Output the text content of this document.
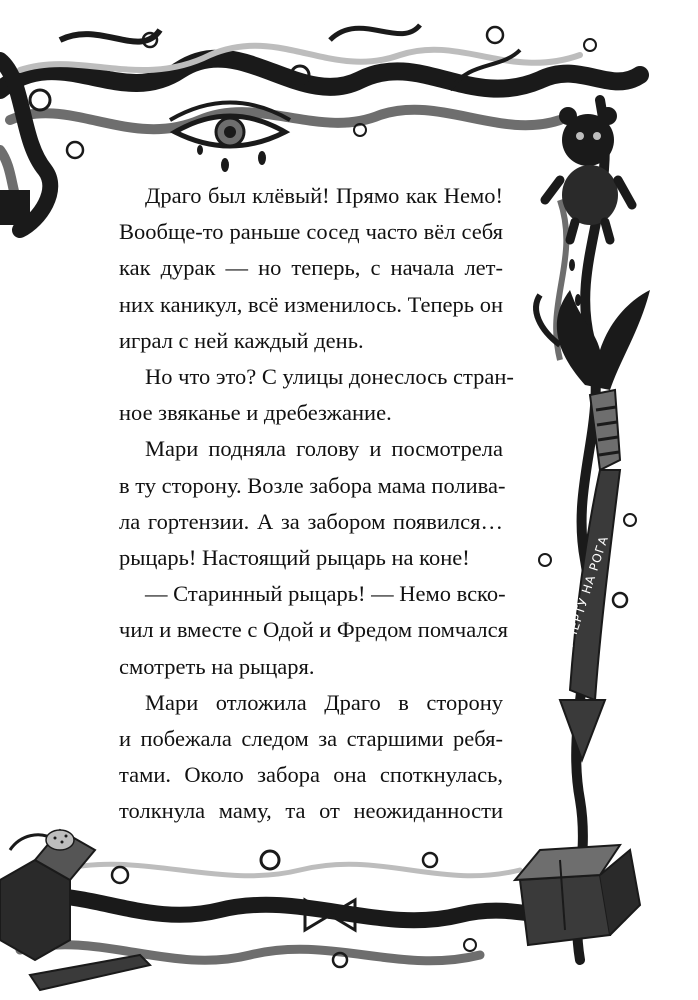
К ЧЁРТУ НА РОГА
Драго был клёвый! Прямо как Немо!
Вообще-то раньше сосед часто вёл себя
как дурак — но теперь, с начала лет-
них каникул, всё изменилось. Теперь он
играл с ней каждый день.
Но что это? С улицы донеслось стран-
ное звяканье и дребезжание.
Мари подняла голову и посмотрела
в ту сторону. Возле забора мама полива-
ла гортензии. А за забором появился…
рыцарь! Настоящий рыцарь на коне!
— Старинный рыцарь! — Немо вско-
чил и вместе с Одой и Фредом помчался
смотреть на рыцаря.
Мари отложила Драго в сторону
и побежала следом за старшими ребя-
тами. Около забора она споткнулась,
толкнула маму, та от неожиданности
